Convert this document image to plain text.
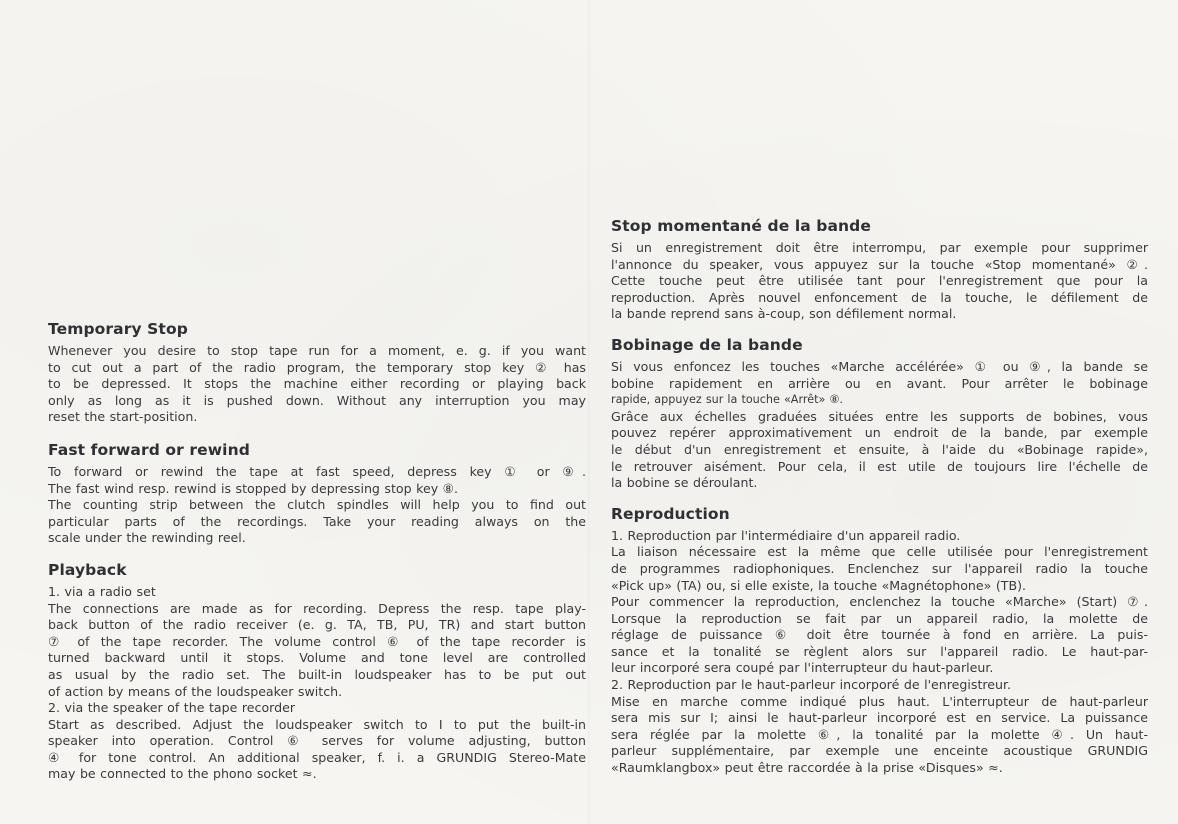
Temporary Stop
Whenever you desire to stop tape run for a moment, e. g. if you want
to cut out a part of the radio program, the temporary stop key ② has
to be depressed. It stops the machine either recording or playing back
only as long as it is pushed down. Without any interruption you may
reset the start-position.
Fast forward or rewind
To forward or rewind the tape at fast speed, depress key ① or ⑨.
The fast wind resp. rewind is stopped by depressing stop key ⑧.
The counting strip between the clutch spindles will help you to find out
particular parts of the recordings. Take your reading always on the
scale under the rewinding reel.
Playback
1. via a radio set
The connections are made as for recording. Depress the resp. tape play-
back button of the radio receiver (e. g. TA, TB, PU, TR) and start button
⑦ of the tape recorder. The volume control ⑥ of the tape recorder is
turned backward until it stops. Volume and tone level are controlled
as usual by the radio set. The built-in loudspeaker has to be put out
of action by means of the loudspeaker switch.
2. via the speaker of the tape recorder
Start as described. Adjust the loudspeaker switch to I to put the built-in
speaker into operation. Control ⑥ serves for volume adjusting, button
④ for tone control. An additional speaker, f. i. a GRUNDIG Stereo-Mate
may be connected to the phono socket ≈.
Stop momentané de la bande
Si un enregistrement doit être interrompu, par exemple pour supprimer
l'annonce du speaker, vous appuyez sur la touche «Stop momentané» ②.
Cette touche peut être utilisée tant pour l'enregistrement que pour la
reproduction. Après nouvel enfoncement de la touche, le défilement de
la bande reprend sans à-coup, son défilement normal.
Bobinage de la bande
Si vous enfoncez les touches «Marche accélérée» ① ou ⑨, la bande se
bobine rapidement en arrière ou en avant. Pour arrêter le bobinage
rapide, appuyez sur la touche «Arrêt» ⑧.
Grâce aux échelles graduées situées entre les supports de bobines, vous
pouvez repérer approximativement un endroit de la bande, par exemple
le début d'un enregistrement et ensuite, à l'aide du «Bobinage rapide»,
le retrouver aisément. Pour cela, il est utile de toujours lire l'échelle de
la bobine se déroulant.
Reproduction
1. Reproduction par l'intermédiaire d'un appareil radio.
La liaison nécessaire est la même que celle utilisée pour l'enregistrement
de programmes radiophoniques. Enclenchez sur l'appareil radio la touche
«Pick up» (TA) ou, si elle existe, la touche «Magnétophone» (TB).
Pour commencer la reproduction, enclenchez la touche «Marche» (Start) ⑦.
Lorsque la reproduction se fait par un appareil radio, la molette de
réglage de puissance ⑥ doit être tournée à fond en arrière. La puis-
sance et la tonalité se règlent alors sur l'appareil radio. Le haut-par-
leur incorporé sera coupé par l'interrupteur du haut-parleur.
2. Reproduction par le haut-parleur incorporé de l'enregistreur.
Mise en marche comme indiqué plus haut. L'interrupteur de haut-parleur
sera mis sur I; ainsi le haut-parleur incorporé est en service. La puissance
sera réglée par la molette ⑥, la tonalité par la molette ④. Un haut-
parleur supplémentaire, par exemple une enceinte acoustique GRUNDIG
«Raumklangbox» peut être raccordée à la prise «Disques» ≈.
